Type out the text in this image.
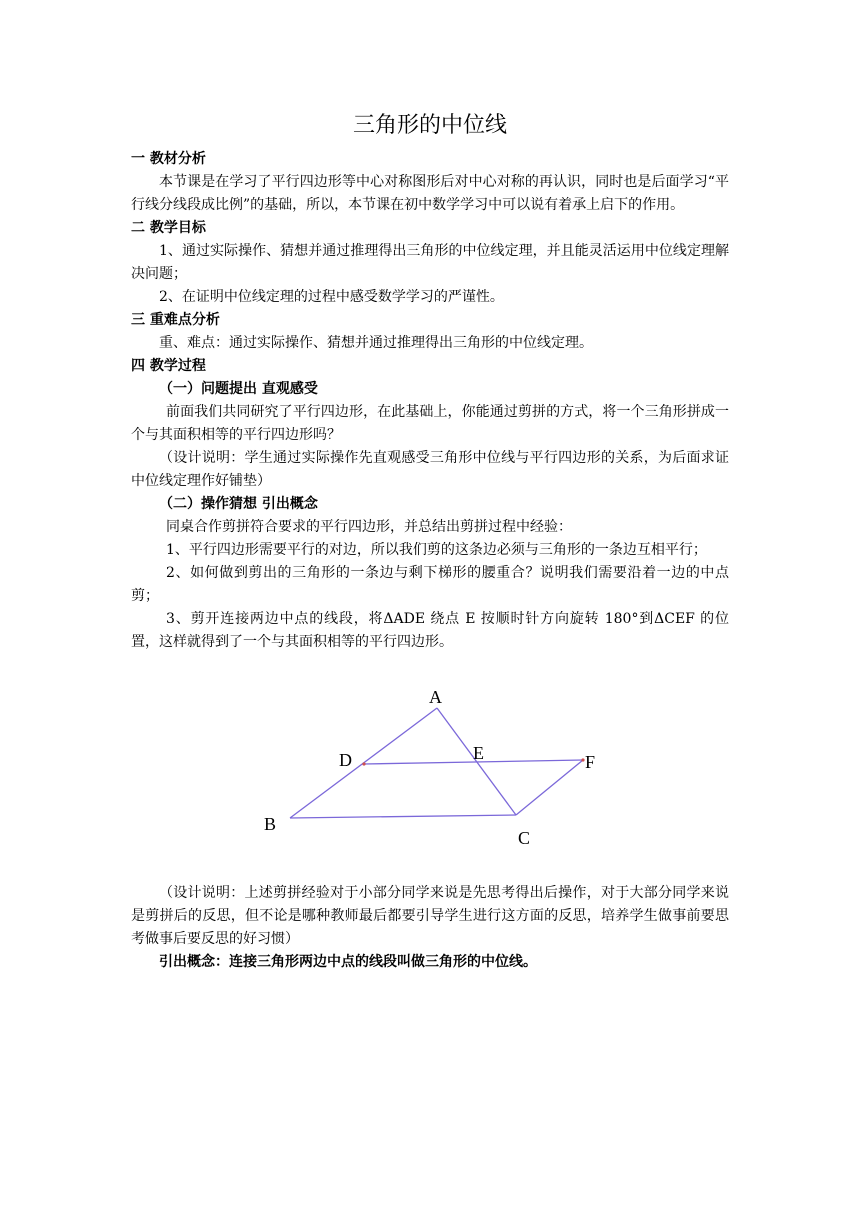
三角形的中位线

一 教材分析

本节课是在学习了平行四边形等中心对称图形后对中心对称的再认识，同时也是后面学习“平行线分线段成比例”的基础，所以，本节课在初中数学学习中可以说有着承上启下的作用。

二 教学目标

1、通过实际操作、猜想并通过推理得出三角形的中位线定理，并且能灵活运用中位线定理解决问题；

2、在证明中位线定理的过程中感受数学学习的严谨性。

三 重难点分析

重、难点：通过实际操作、猜想并通过推理得出三角形的中位线定理。

四 教学过程

（一）问题提出 直观感受

前面我们共同研究了平行四边形，在此基础上，你能通过剪拼的方式，将一个三角形拼成一个与其面积相等的平行四边形吗？

（设计说明：学生通过实际操作先直观感受三角形中位线与平行四边形的关系，为后面求证中位线定理作好铺垫）

（二）操作猜想 引出概念

同桌合作剪拼符合要求的平行四边形，并总结出剪拼过程中经验：

1、平行四边形需要平行的对边，所以我们剪的这条边必须与三角形的一条边互相平行；

2、如何做到剪出的三角形的一条边与剩下梯形的腰重合？说明我们需要沿着一边的中点剪；

3、剪开连接两边中点的线段，将ΔADE 绕点 E 按顺时针方向旋转 180°到ΔCEF 的位置，这样就得到了一个与其面积相等的平行四边形。

A
B
C
D	E	F

（设计说明：上述剪拼经验对于小部分同学来说是先思考得出后操作，对于大部分同学来说是剪拼后的反思，但不论是哪种教师最后都要引导学生进行这方面的反思，培养学生做事前要思考做事后要反思的好习惯）

引出概念：连接三角形两边中点的线段叫做三角形的中位线。
